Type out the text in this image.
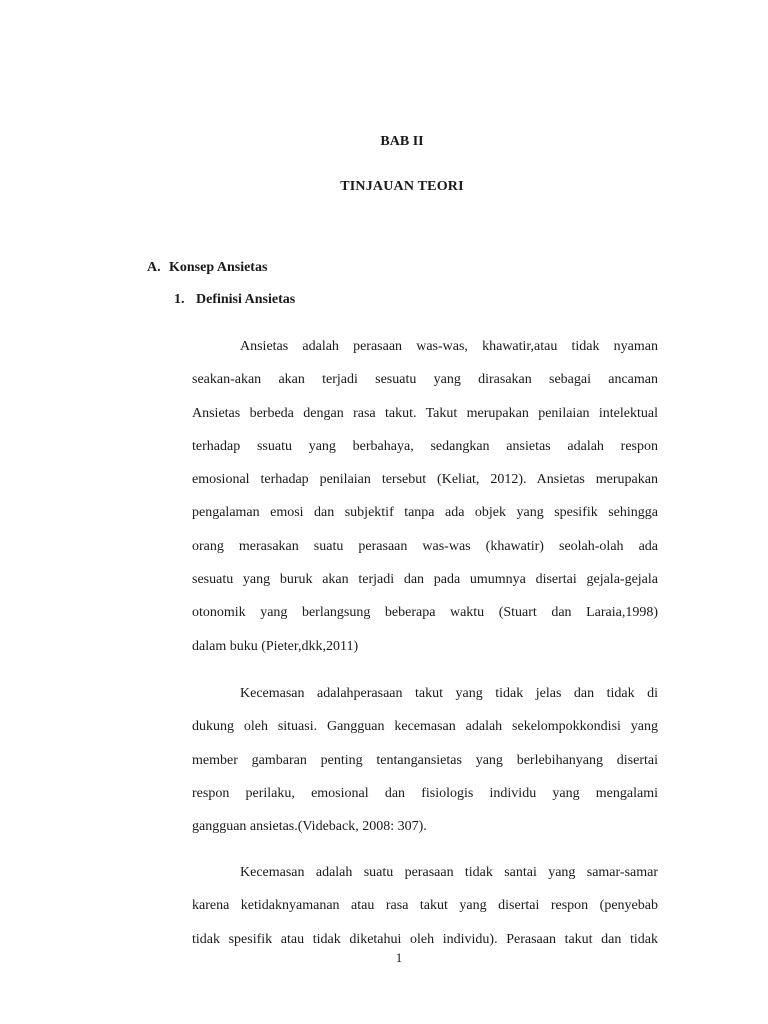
BAB II
TINJAUAN TEORI
A. Konsep Ansietas
1. Definisi Ansietas
Ansietas adalah perasaan was-was, khawatir,atau tidak nyaman
seakan-akan akan terjadi sesuatu yang dirasakan sebagai ancaman
Ansietas berbeda dengan rasa takut. Takut merupakan penilaian intelektual
terhadap ssuatu yang berbahaya, sedangkan ansietas adalah respon
emosional terhadap penilaian tersebut (Keliat, 2012). Ansietas merupakan
pengalaman emosi dan subjektif tanpa ada objek yang spesifik sehingga
orang merasakan suatu perasaan was-was (khawatir) seolah-olah ada
sesuatu yang buruk akan terjadi dan pada umumnya disertai gejala-gejala
otonomik yang berlangsung beberapa waktu (Stuart dan Laraia,1998)
dalam buku (Pieter,dkk,2011)
Kecemasan adalahperasaan takut yang tidak jelas dan tidak di
dukung oleh situasi. Gangguan kecemasan adalah sekelompokkondisi yang
member gambaran penting tentangansietas yang berlebihanyang disertai
respon perilaku, emosional dan fisiologis individu yang mengalami
gangguan ansietas.(Videback, 2008: 307).
Kecemasan adalah suatu perasaan tidak santai yang samar-samar
karena ketidaknyamanan atau rasa takut yang disertai respon (penyebab
tidak spesifik atau tidak diketahui oleh individu). Perasaan takut dan tidak
1
